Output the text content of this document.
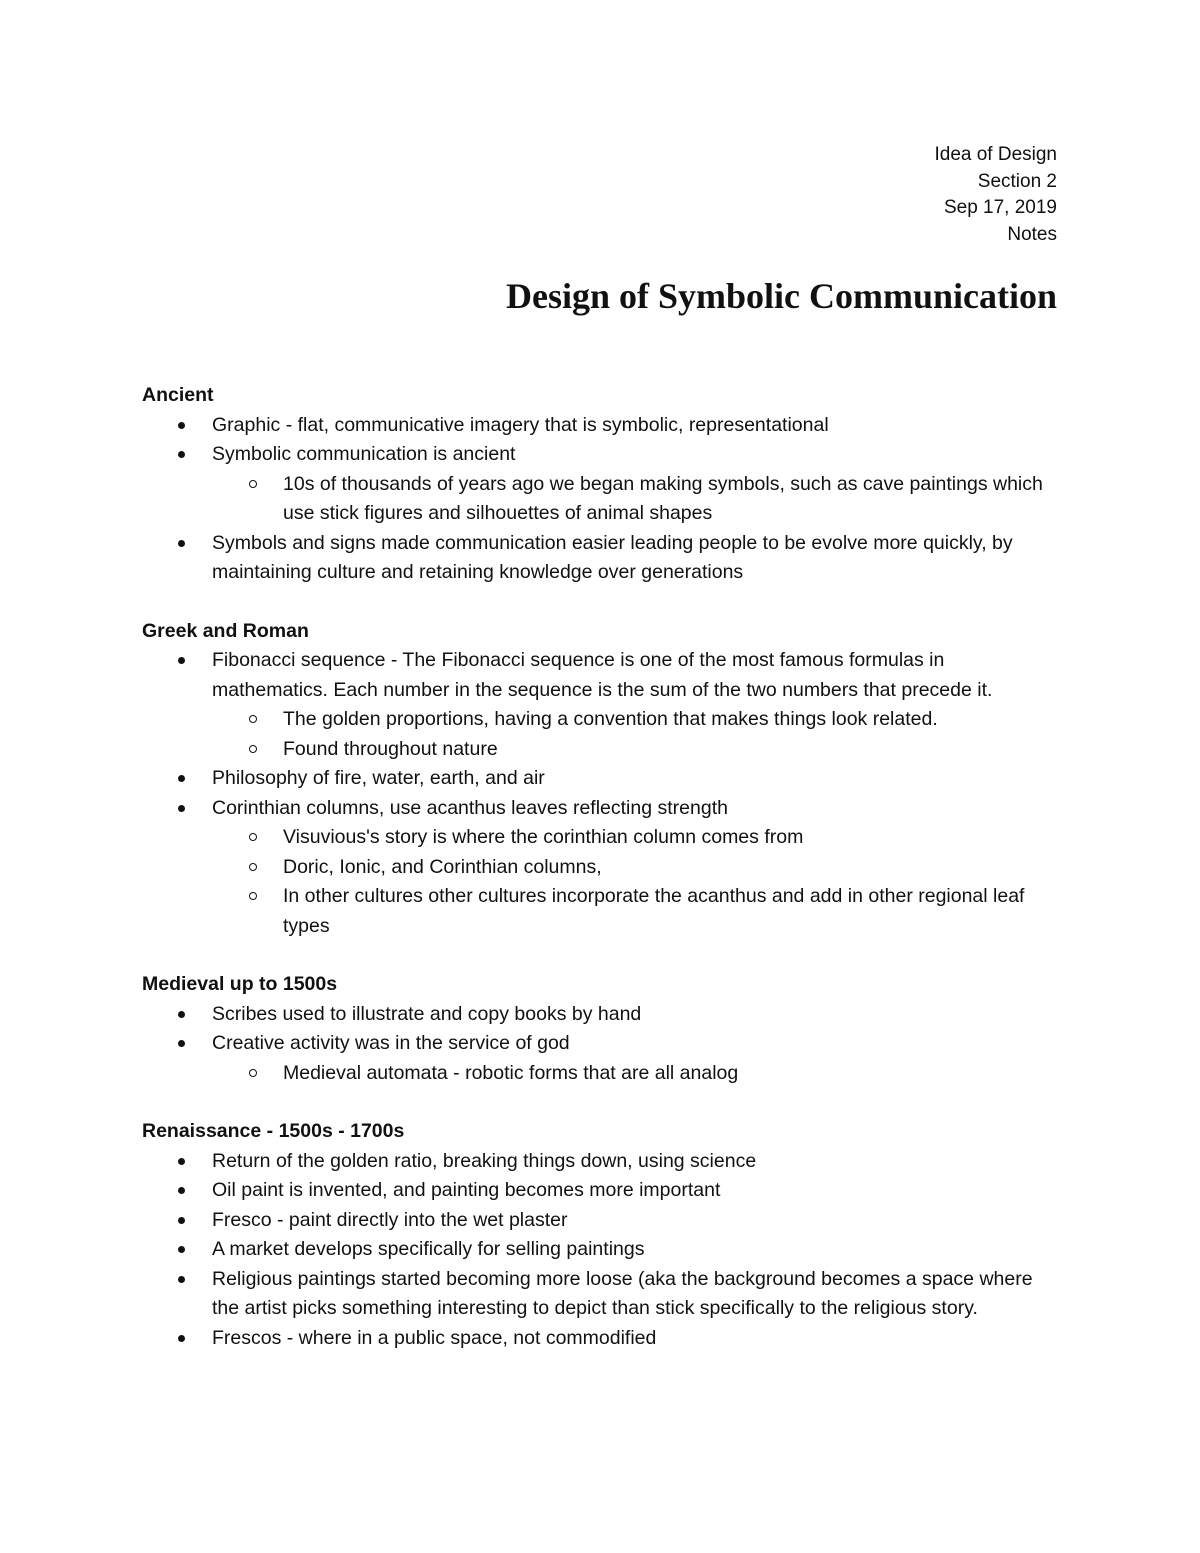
Idea of Design
Section 2
Sep 17, 2019
Notes
Design of Symbolic Communication
Ancient
Graphic - flat, communicative imagery that is symbolic, representational
Symbolic communication is ancient
10s of thousands of years ago we began making symbols, such as cave paintings which use stick figures and silhouettes of animal shapes
Symbols and signs made communication easier leading people to be evolve more quickly, by maintaining culture and retaining knowledge over generations
Greek and Roman
Fibonacci sequence - The Fibonacci sequence is one of the most famous formulas in mathematics. Each number in the sequence is the sum of the two numbers that precede it.
The golden proportions, having a convention that makes things look related.
Found throughout nature
Philosophy of fire, water, earth, and air
Corinthian columns, use acanthus leaves reflecting strength
Visuvious's story is where the corinthian column comes from
Doric, Ionic, and Corinthian columns,
In other cultures other cultures incorporate the acanthus and add in other regional leaf types
Medieval up to 1500s
Scribes used to illustrate and copy books by hand
Creative activity was in the service of god
Medieval automata - robotic forms that are all analog
Renaissance - 1500s - 1700s
Return of the golden ratio, breaking things down, using science
Oil paint is invented, and painting becomes more important
Fresco - paint directly into the wet plaster
A market develops specifically for selling paintings
Religious paintings started becoming more loose (aka the background becomes a space where the artist picks something interesting to depict than stick specifically to the religious story.
Frescos - where in a public space, not commodified
